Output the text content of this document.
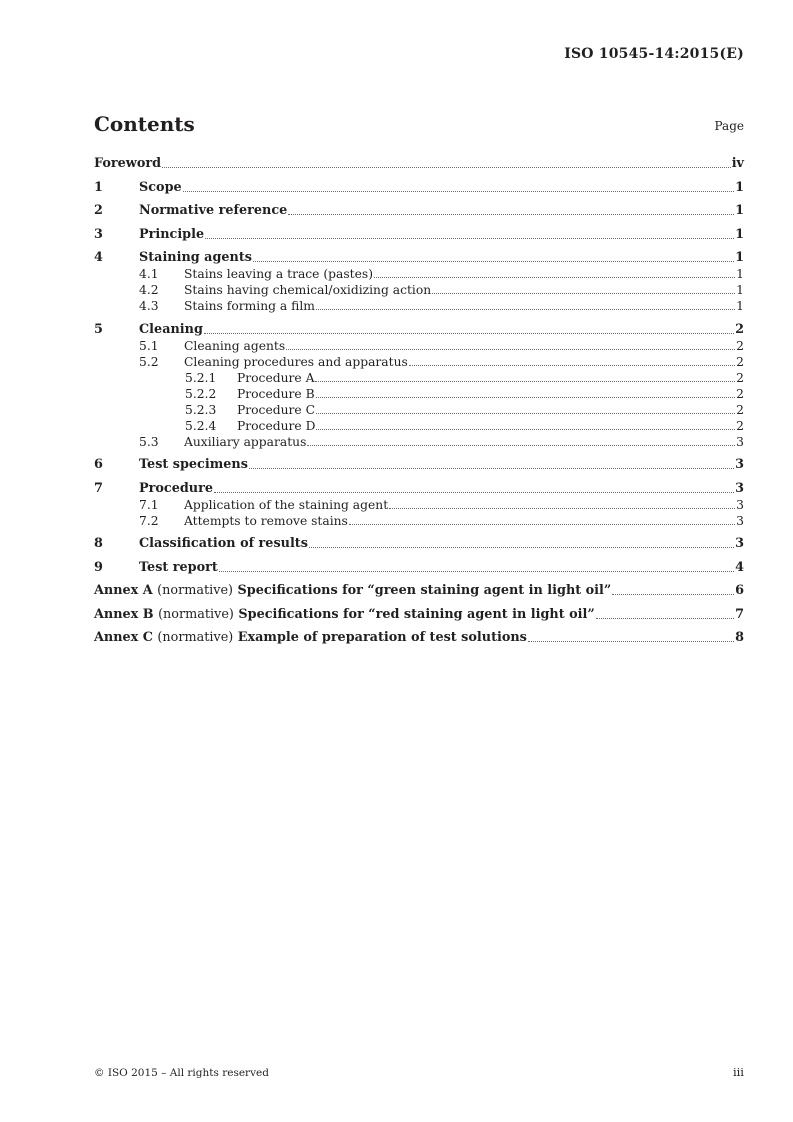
ISO 10545-14:2015(E)
Contents	Page
Foreword	iv
1	Scope	1
2	Normative reference	1
3	Principle	1
4	Staining agents	1
4.1	Stains leaving a trace (pastes)	1
4.2	Stains having chemical/oxidizing action	1
4.3	Stains forming a film	1
5	Cleaning	2
5.1	Cleaning agents	2
5.2	Cleaning procedures and apparatus	2
5.2.1	Procedure A	2
5.2.2	Procedure B	2
5.2.3	Procedure C	2
5.2.4	Procedure D	2
5.3	Auxiliary apparatus	3
6	Test specimens	3
7	Procedure	3
7.1	Application of the staining agent	3
7.2	Attempts to remove stains	3
8	Classification of results	3
9	Test report	4
Annex A (normative) Specifications for “green staining agent in light oil”	6
Annex B (normative) Specifications for “red staining agent in light oil”	7
Annex C (normative) Example of preparation of test solutions	8
© ISO 2015 – All rights reserved	iii
